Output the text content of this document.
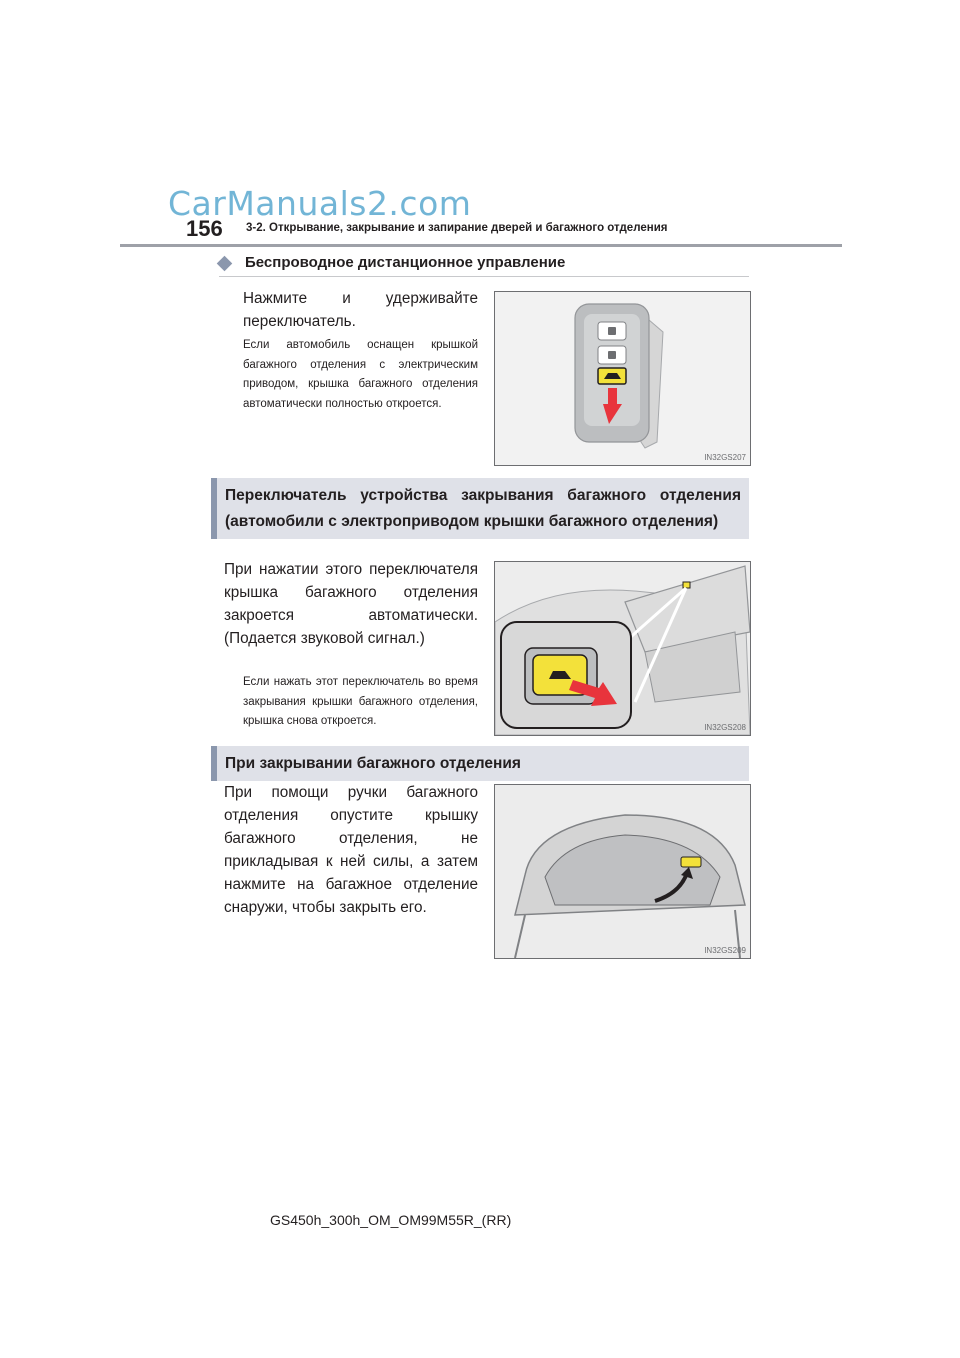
CarManuals2.com
156 3-2. Открывание, закрывание и запирание дверей и багажного отделения
Беспроводное дистанционное управление
Нажмите и удерживайте переключатель.
Если автомобиль оснащен крышкой багажного отделения с электрическим приводом, крышка багажного отделения автоматически полностью откроется.
IN32GS207
Переключатель устройства закрывания багажного отделения (автомобили с электроприводом крышки багажного отделения)
При нажатии этого переключателя крышка багажного отделения закроется автоматически. (Подается звуковой сигнал.)
Если нажать этот переключатель во время закрывания крышки багажного отделения, крышка снова откроется.
IN32GS208
При закрывании багажного отделения
При помощи ручки багажного отделения опустите крышку багажного отделения, не прикладывая к ней силы, а затем нажмите на багажное отделение снаружи, чтобы закрыть его.
IN32GS209
GS450h_300h_OM_OM99M55R_(RR)
